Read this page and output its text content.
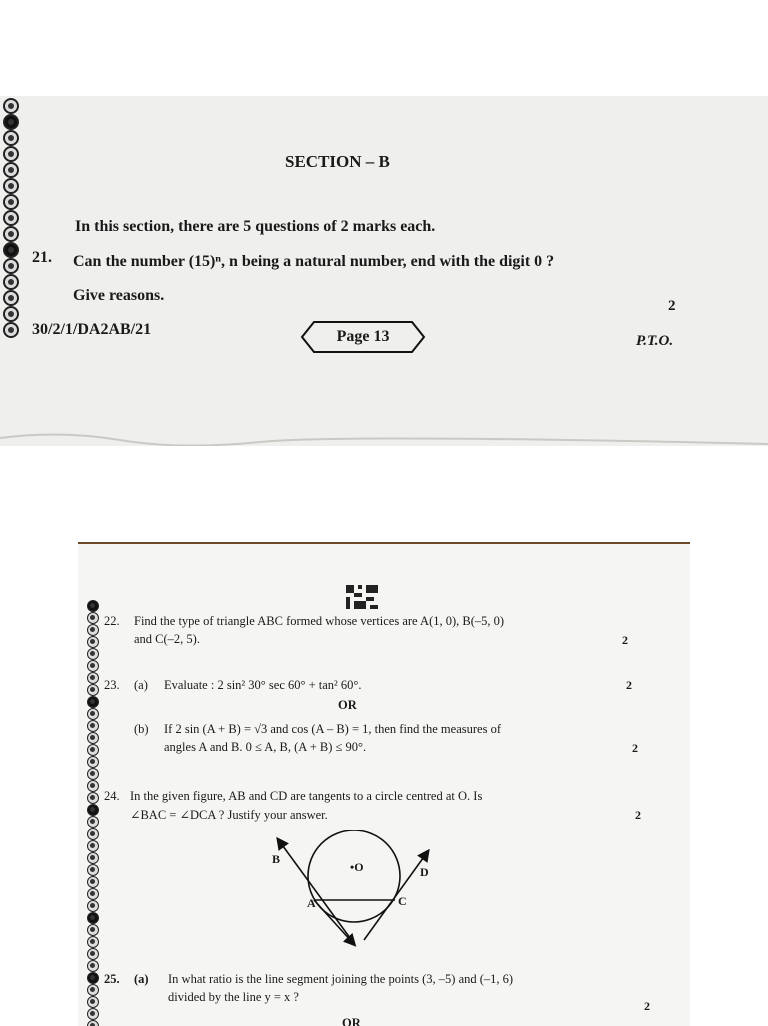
SECTION – B
In this section, there are 5 questions of 2 marks each.
21. Can the number (15)ⁿ, n being a natural number, end with the digit 0 ?
Give reasons.
2
30/2/1/DA2AB/21	Page 13	P.T.O.
22. Find the type of triangle ABC formed whose vertices are A(1, 0), B(–5, 0)
and C(–2, 5).	2
23. (a) Evaluate : 2 sin² 30° sec 60° + tan² 60°.	2
OR
(b) If 2 sin (A + B) = √3 and cos (A – B) = 1, then find the measures of
angles A and B. 0 ≤ A, B, (A + B) ≤ 90°.	2
24. In the given figure, AB and CD are tangents to a circle centred at O. Is
∠BAC = ∠DCA ? Justify your answer.	2
B
•O	D
A	C
25. (a) In what ratio is the line segment joining the points (3, –5) and (–1, 6)
divided by the line y = x ?
2
OR
